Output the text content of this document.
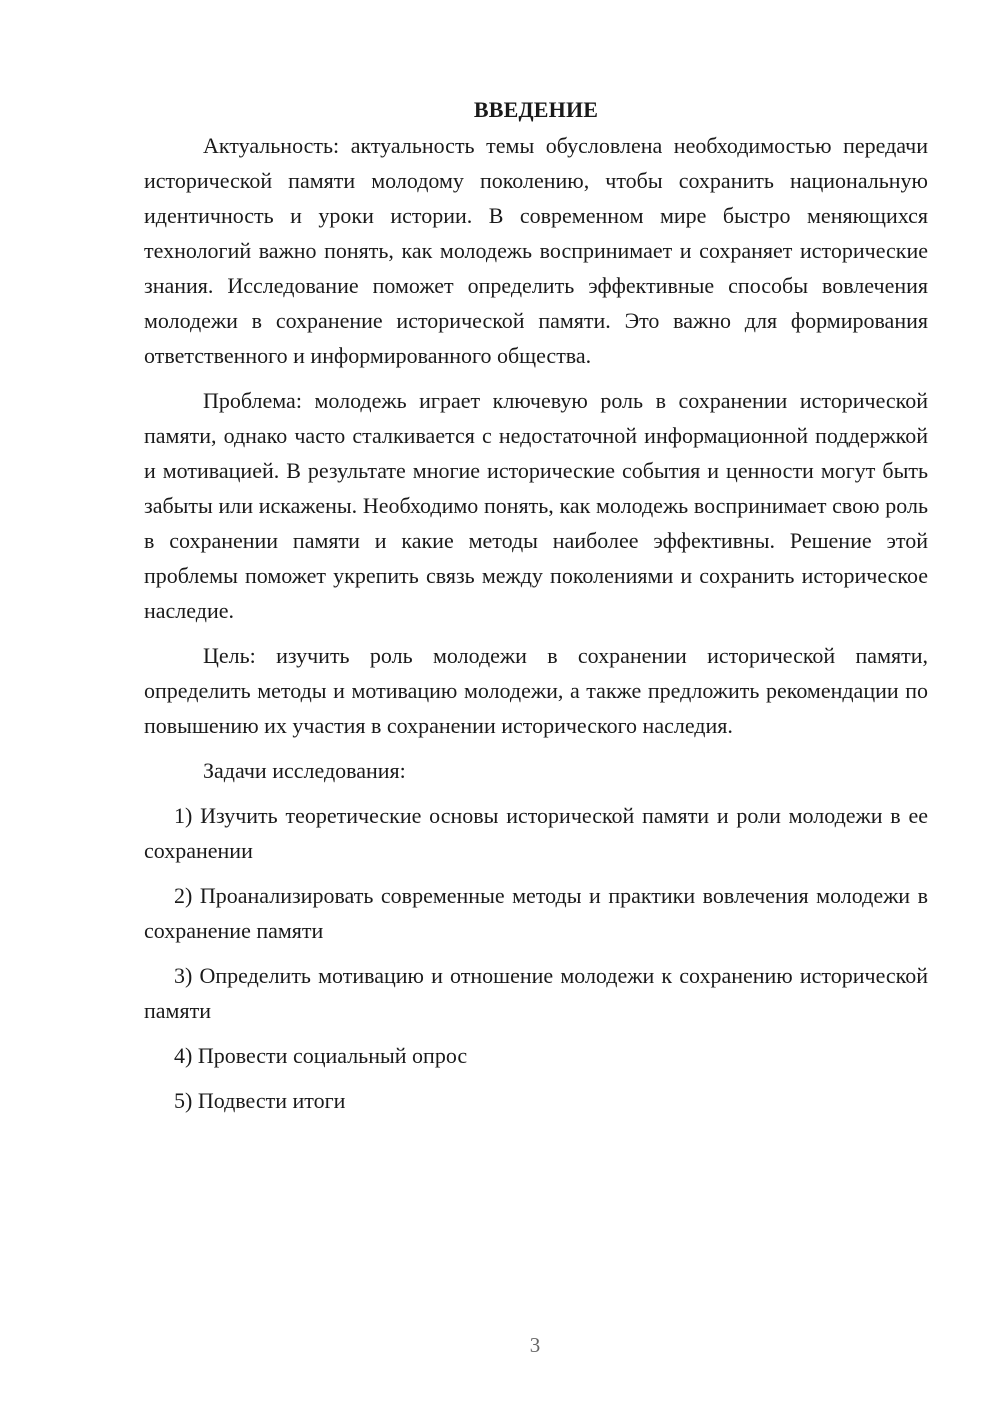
ВВЕДЕНИЕ

Актуальность: актуальность темы обусловлена необходимостью передачи исторической памяти молодому поколению, чтобы сохранить национальную идентичность и уроки истории. В современном мире быстро меняющихся технологий важно понять, как молодежь воспринимает и сохраняет исторические знания. Исследование поможет определить эффективные способы вовлечения молодежи в сохранение исторической памяти. Это важно для формирования ответственного и информированного общества.

Проблема: молодежь играет ключевую роль в сохранении исторической памяти, однако часто сталкивается с недостаточной информационной поддержкой и мотивацией. В результате многие исторические события и ценности могут быть забыты или искажены. Необходимо понять, как молодежь воспринимает свою роль в сохранении памяти и какие методы наиболее эффективны. Решение этой проблемы поможет укрепить связь между поколениями и сохранить историческое наследие.

Цель: изучить роль молодежи в сохранении исторической памяти, определить методы и мотивацию молодежи, а также предложить рекомендации по повышению их участия в сохранении исторического наследия.

Задачи исследования:

1) Изучить теоретические основы исторической памяти и роли молодежи в ее сохранении

2) Проанализировать современные методы и практики вовлечения молодежи в сохранение памяти

3) Определить мотивацию и отношение молодежи к сохранению исторической памяти

4) Провести социальный опрос

5) Подвести итоги

3
